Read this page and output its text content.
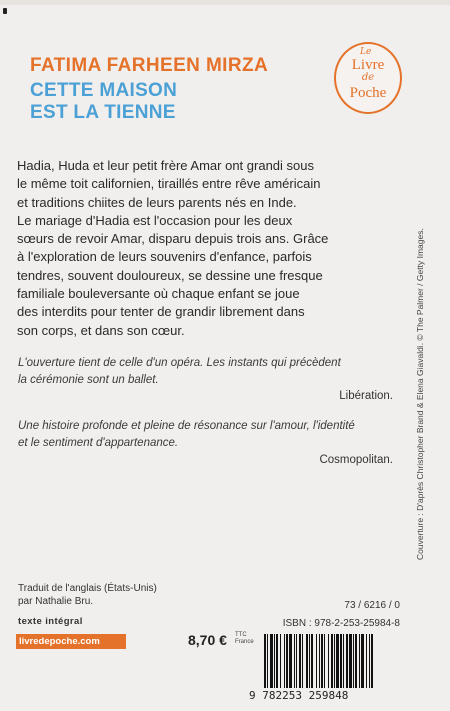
FATIMA FARHEEN MIRZA
CETTE MAISON
EST LA TIENNE
Le
Livre
de
Poche
Hadia, Huda et leur petit frère Amar ont grandi sous
le même toit californien, tiraillés entre rêve américain
et traditions chiites de leurs parents nés en Inde.
Le mariage d'Hadia est l'occasion pour les deux
sœurs de revoir Amar, disparu depuis trois ans. Grâce
à l'exploration de leurs souvenirs d'enfance, parfois
tendres, souvent douloureux, se dessine une fresque
familiale bouleversante où chaque enfant se joue
des interdits pour tenter de grandir librement dans
son corps, et dans son cœur.
L'ouverture tient de celle d'un opéra. Les instants qui précèdent
la cérémonie sont un ballet.
Libération.
Une histoire profonde et pleine de résonance sur l'amour, l'identité
et le sentiment d'appartenance.
Cosmopolitan.	Couverture : D'après Christopher Brand & Elena Giavaldi. © The Palmer / Getty Images.
Traduit de l'anglais (États-Unis)
par Nathalie Bru.
texte intégral
livredepoche.com	8,70 € TTC
France
73 / 6216 / 0
ISBN : 978-2-253-25984-8
9 782253 259848
